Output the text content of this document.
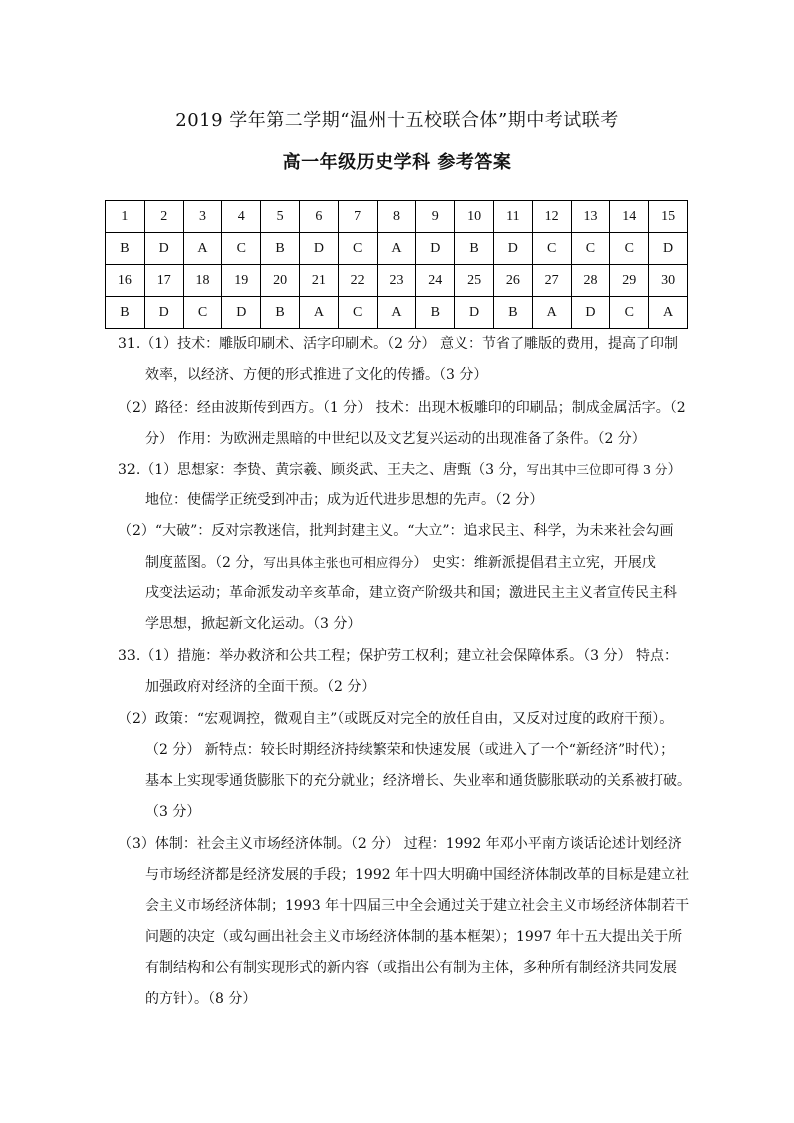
2019 学年第二学期“温州十五校联合体”期中考试联考
高一年级历史学科 参考答案
1	2	3	4	5	6	7	8	9	10	11	12	13	14	15
B	D	A	C	B	D	C	A	D	B	D	C	C	C	D
16	17	18	19	20	21	22	23	24	25	26	27	28	29	30
B	D	C	D	B	A	C	A	B	D	B	A	D	C	A
31.（1）技术：雕版印刷术、活字印刷术。（2 分） 意义：节省了雕版的费用，提高了印制
效率，以经济、方便的形式推进了文化的传播。（3 分）
（2）路径：经由波斯传到西方。（1 分） 技术：出现木板雕印的印刷品；制成金属活字。（2
分） 作用：为欧洲走黑暗的中世纪以及文艺复兴运动的出现准备了条件。（2 分）
32.（1）思想家：李贽、黄宗羲、顾炎武、王夫之、唐甄（3 分，写出其中三位即可得 3 分）
地位：使儒学正统受到冲击；成为近代进步思想的先声。（2 分）
（2）“大破”：反对宗教迷信，批判封建主义。“大立”：追求民主、科学，为未来社会勾画
制度蓝图。（2 分，写出具体主张也可相应得分） 史实：维新派提倡君主立宪，开展戊
戌变法运动；革命派发动辛亥革命，建立资产阶级共和国；激进民主主义者宣传民主科
学思想，掀起新文化运动。（3 分）
33.（1）措施：举办救济和公共工程；保护劳工权利；建立社会保障体系。（3 分） 特点：
加强政府对经济的全面干预。（2 分）
（2）政策：“宏观调控，微观自主”（或既反对完全的放任自由，又反对过度的政府干预）。
（2 分） 新特点：较长时期经济持续繁荣和快速发展（或进入了一个“新经济”时代）；
基本上实现零通货膨胀下的充分就业；经济增长、失业率和通货膨胀联动的关系被打破。
（3 分）
（3）体制：社会主义市场经济体制。（2 分） 过程：1992 年邓小平南方谈话论述计划经济
与市场经济都是经济发展的手段；1992 年十四大明确中国经济体制改革的目标是建立社
会主义市场经济体制；1993 年十四届三中全会通过关于建立社会主义市场经济体制若干
问题的决定（或勾画出社会主义市场经济体制的基本框架）；1997 年十五大提出关于所
有制结构和公有制实现形式的新内容（或指出公有制为主体，多种所有制经济共同发展
的方针）。（8 分）
